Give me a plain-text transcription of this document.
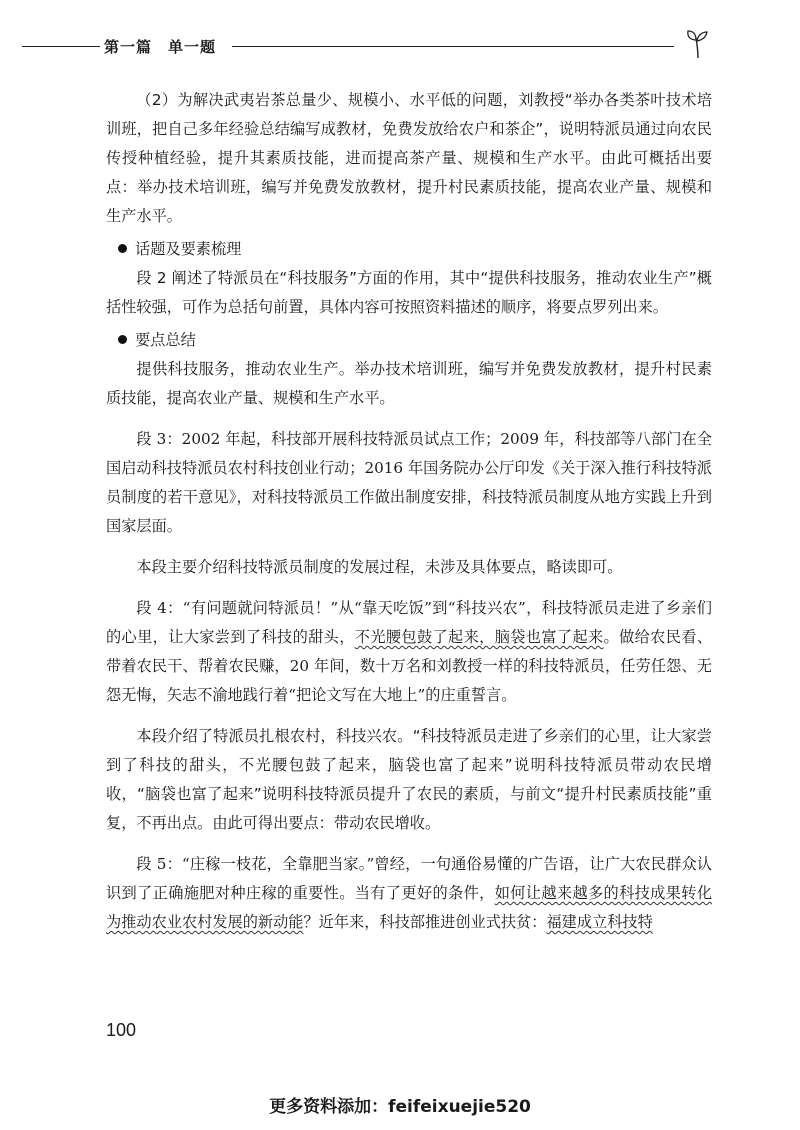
第一篇　单一题

（2）为解决武夷岩茶总量少、规模小、水平低的问题，刘教授“举办各类茶叶技术培训班，把自己多年经验总结编写成教材，免费发放给农户和茶企”，说明特派员通过向农民传授种植经验，提升其素质技能，进而提高茶产量、规模和生产水平。由此可概括出要点：举办技术培训班，编写并免费发放教材，提升村民素质技能，提高农业产量、规模和生产水平。

话题及要素梳理

段 2 阐述了特派员在“科技服务”方面的作用，其中“提供科技服务，推动农业生产”概括性较强，可作为总括句前置，具体内容可按照资料描述的顺序，将要点罗列出来。

要点总结

提供科技服务，推动农业生产。举办技术培训班，编写并免费发放教材，提升村民素质技能，提高农业产量、规模和生产水平。

段 3：2002 年起，科技部开展科技特派员试点工作；2009 年，科技部等八部门在全国启动科技特派员农村科技创业行动；2016 年国务院办公厅印发《关于深入推行科技特派员制度的若干意见》，对科技特派员工作做出制度安排，科技特派员制度从地方实践上升到国家层面。

本段主要介绍科技特派员制度的发展过程，未涉及具体要点，略读即可。

段 4：“有问题就问特派员！”从“靠天吃饭”到“科技兴农”，科技特派员走进了乡亲们的心里，让大家尝到了科技的甜头，不光腰包鼓了起来，脑袋也富了起来。做给农民看、带着农民干、帮着农民赚，20 年间，数十万名和刘教授一样的科技特派员，任劳任怨、无怨无悔，矢志不渝地践行着“把论文写在大地上”的庄重誓言。

本段介绍了特派员扎根农村，科技兴农。“科技特派员走进了乡亲们的心里，让大家尝到了科技的甜头，不光腰包鼓了起来，脑袋也富了起来”说明科技特派员带动农民增收，“脑袋也富了起来”说明科技特派员提升了农民的素质，与前文“提升村民素质技能”重复，不再出点。由此可得出要点：带动农民增收。

段 5：“庄稼一枝花，全靠肥当家。”曾经，一句通俗易懂的广告语，让广大农民群众认识到了正确施肥对种庄稼的重要性。当有了更好的条件，如何让越来越多的科技成果转化为推动农业农村发展的新动能？近年来，科技部推进创业式扶贫：福建成立科技特

100
更多资料添加：feifeixuejie520
